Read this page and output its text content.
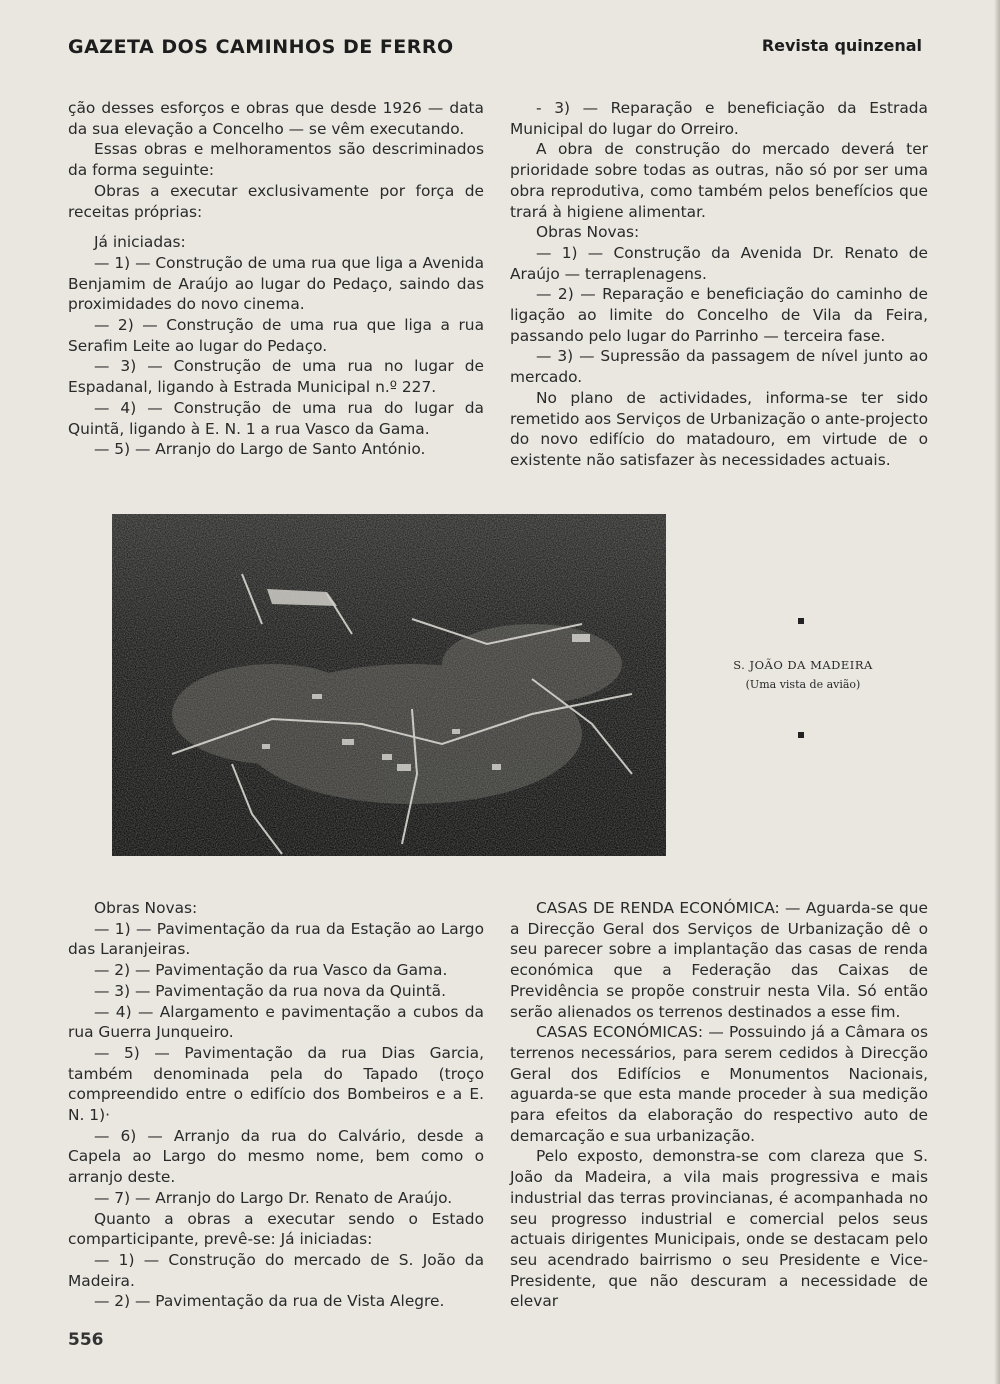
GAZETA DOS CAMINHOS DE FERRO	Revista quinzenal

ção desses esforços e obras que desde 1926 — data da sua elevação a Concelho — se vêm executando.

Essas obras e melhoramentos são descriminados da forma seguinte:

Obras a executar exclusivamente por força de receitas próprias:

Já iniciadas:

— 1) — Construção de uma rua que liga a Avenida Benjamim de Araújo ao lugar do Pedaço, saindo das proximidades do novo cinema.

— 2) — Construção de uma rua que liga a rua Serafim Leite ao lugar do Pedaço.

— 3) — Construção de uma rua no lugar de Espadanal, ligando à Estrada Municipal n.º 227.

— 4) — Construção de uma rua do lugar da Quintã, ligando à E. N. 1 a rua Vasco da Gama.

— 5) — Arranjo do Largo de Santo António.

- 3) — Reparação e beneficiação da Estrada Municipal do lugar do Orreiro.

A obra de construção do mercado deverá ter prioridade sobre todas as outras, não só por ser uma obra reprodutiva, como também pelos benefícios que trará à higiene alimentar.

Obras Novas:

— 1) — Construção da Avenida Dr. Renato de Araújo — terraplenagens.

— 2) — Reparação e beneficiação do caminho de ligação ao limite do Concelho de Vila da Feira, passando pelo lugar do Parrinho — terceira fase.

— 3) — Supressão da passagem de nível junto ao mercado.

No plano de actividades, informa-se ter sido remetido aos Serviços de Urbanização o ante-projecto do novo edifício do matadouro, em virtude de o existente não satisfazer às necessidades actuais.

S. JOÃO DA MADEIRA
(Uma vista de avião)

Obras Novas:

— 1) — Pavimentação da rua da Estação ao Largo das Laranjeiras.

— 2) — Pavimentação da rua Vasco da Gama.

— 3) — Pavimentação da rua nova da Quintã.

— 4) — Alargamento e pavimentação a cubos da rua Guerra Junqueiro.

— 5) — Pavimentação da rua Dias Garcia, também denominada pela do Tapado (troço compreendido entre o edifício dos Bombeiros e a E. N. 1)·

— 6) — Arranjo da rua do Calvário, desde a Capela ao Largo do mesmo nome, bem como o arranjo deste.

— 7) — Arranjo do Largo Dr. Renato de Araújo.

Quanto a obras a executar sendo o Estado comparticipante, prevê-se: Já iniciadas:

— 1) — Construção do mercado de S. João da Madeira.

— 2) — Pavimentação da rua de Vista Alegre.

CASAS DE RENDA ECONÓMICA: — Aguarda-se que a Direcção Geral dos Serviços de Urbanização dê o seu parecer sobre a implantação das casas de renda económica que a Federação das Caixas de Previdência se propõe construir nesta Vila. Só então serão alienados os terrenos destinados a esse fim.

CASAS ECONÓMICAS: — Possuindo já a Câmara os terrenos necessários, para serem cedidos à Direcção Geral dos Edifícios e Monumentos Nacionais, aguarda-se que esta mande proceder à sua medição para efeitos da elaboração do respectivo auto de demarcação e sua urbanização.

Pelo exposto, demonstra-se com clareza que S. João da Madeira, a vila mais progressiva e mais industrial das terras provincianas, é acompanhada no seu progresso industrial e comercial pelos seus actuais dirigentes Municipais, onde se destacam pelo seu acendrado bairrismo o seu Presidente e Vice-Presidente, que não descuram a necessidade de elevar

556
